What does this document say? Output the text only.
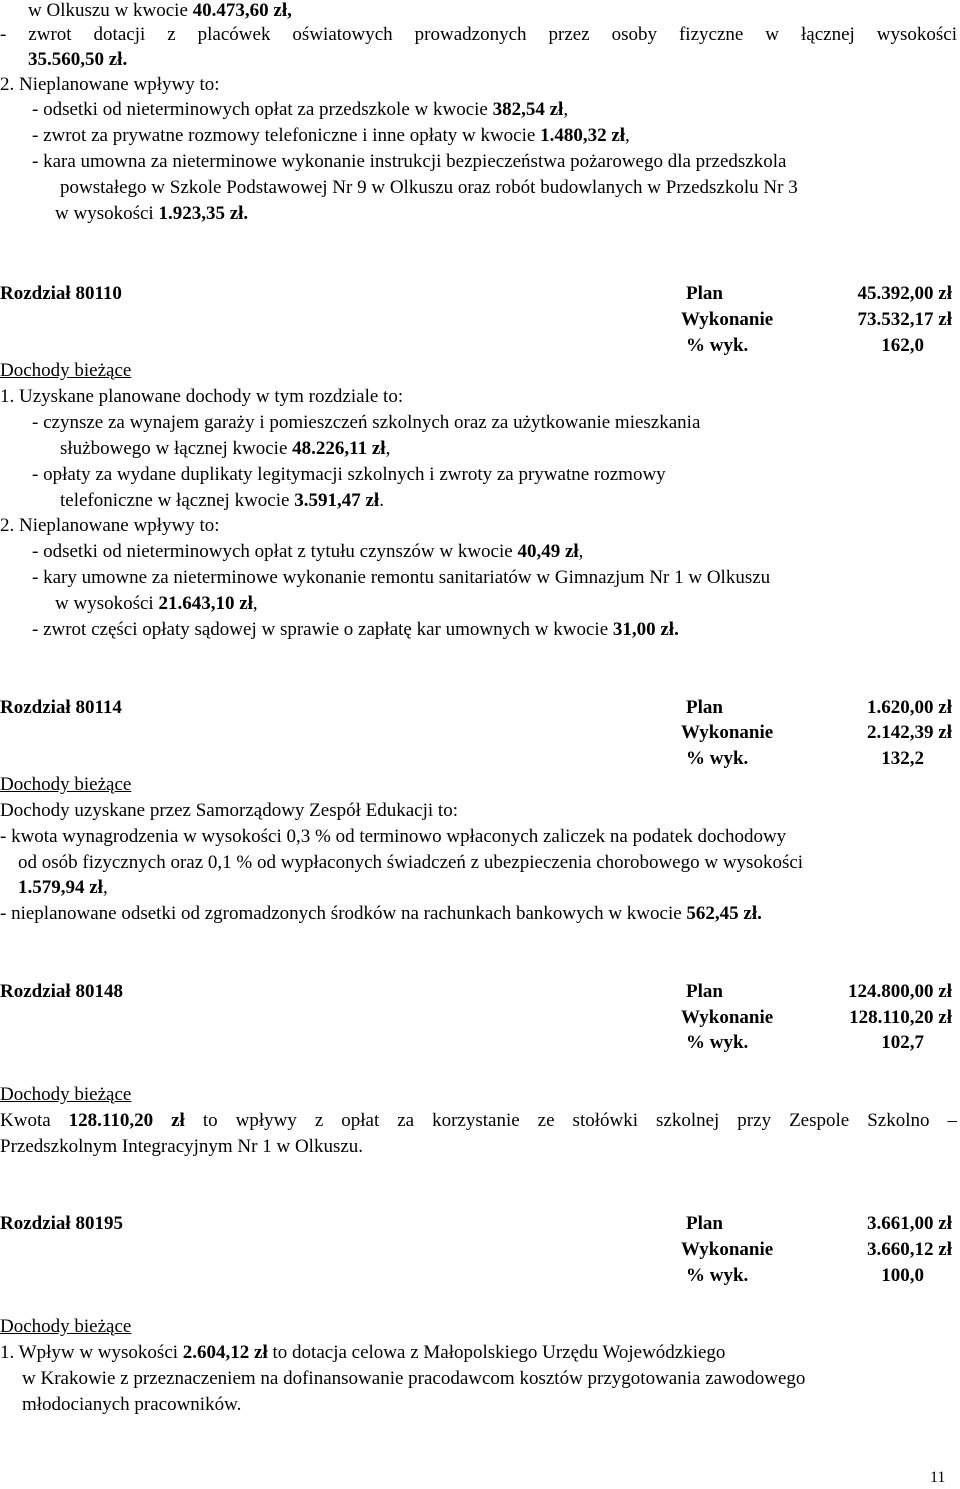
w Olkuszu w kwocie 40.473,60 zł,
- zwrot dotacji z placówek oświatowych prowadzonych przez osoby fizyczne w łącznej wysokości
35.560,50 zł.
2. Nieplanowane wpływy to:
- odsetki od nieterminowych opłat za przedszkole w kwocie 382,54 zł,
- zwrot za prywatne rozmowy telefoniczne i inne opłaty w kwocie 1.480,32 zł,
- kara umowna za nieterminowe wykonanie instrukcji bezpieczeństwa pożarowego dla przedszkola
powstałego w Szkole Podstawowej Nr 9 w Olkuszu oraz robót budowlanych w Przedszkolu Nr 3
w wysokości 1.923,35 zł.
Rozdział 80110	Plan	45.392,00 zł
Wykonanie	73.532,17 zł
% wyk.	162,0
Dochody bieżące
1. Uzyskane planowane dochody w tym rozdziale to:
- czynsze za wynajem garaży i pomieszczeń szkolnych oraz za użytkowanie mieszkania
służbowego w łącznej kwocie 48.226,11 zł,
- opłaty za wydane duplikaty legitymacji szkolnych i zwroty za prywatne rozmowy
telefoniczne w łącznej kwocie 3.591,47 zł.
2. Nieplanowane wpływy to:
- odsetki od nieterminowych opłat z tytułu czynszów w kwocie 40,49 zł,
- kary umowne za nieterminowe wykonanie remontu sanitariatów w Gimnazjum Nr 1 w Olkuszu
w wysokości 21.643,10 zł,
- zwrot części opłaty sądowej w sprawie o zapłatę kar umownych w kwocie 31,00 zł.
Rozdział 80114	Plan	1.620,00 zł
Wykonanie	2.142,39 zł
% wyk.	132,2
Dochody bieżące
Dochody uzyskane przez Samorządowy Zespół Edukacji to:
- kwota wynagrodzenia w wysokości 0,3 % od terminowo wpłaconych zaliczek na podatek dochodowy
od osób fizycznych oraz 0,1 % od wypłaconych świadczeń z ubezpieczenia chorobowego w wysokości
1.579,94 zł,
- nieplanowane odsetki od zgromadzonych środków na rachunkach bankowych w kwocie 562,45 zł.
Rozdział 80148	Plan	124.800,00 zł
Wykonanie	128.110,20 zł
% wyk.	102,7
Dochody bieżące
Kwota 128.110,20 zł to wpływy z opłat za korzystanie ze stołówki szkolnej przy Zespole Szkolno –
Przedszkolnym Integracyjnym Nr 1 w Olkuszu.
Rozdział 80195	Plan	3.661,00 zł
Wykonanie	3.660,12 zł
% wyk.	100,0
Dochody bieżące
1. Wpływ w wysokości 2.604,12 zł to dotacja celowa z Małopolskiego Urzędu Wojewódzkiego
w Krakowie z przeznaczeniem na dofinansowanie pracodawcom kosztów przygotowania zawodowego
młodocianych pracowników.
11
